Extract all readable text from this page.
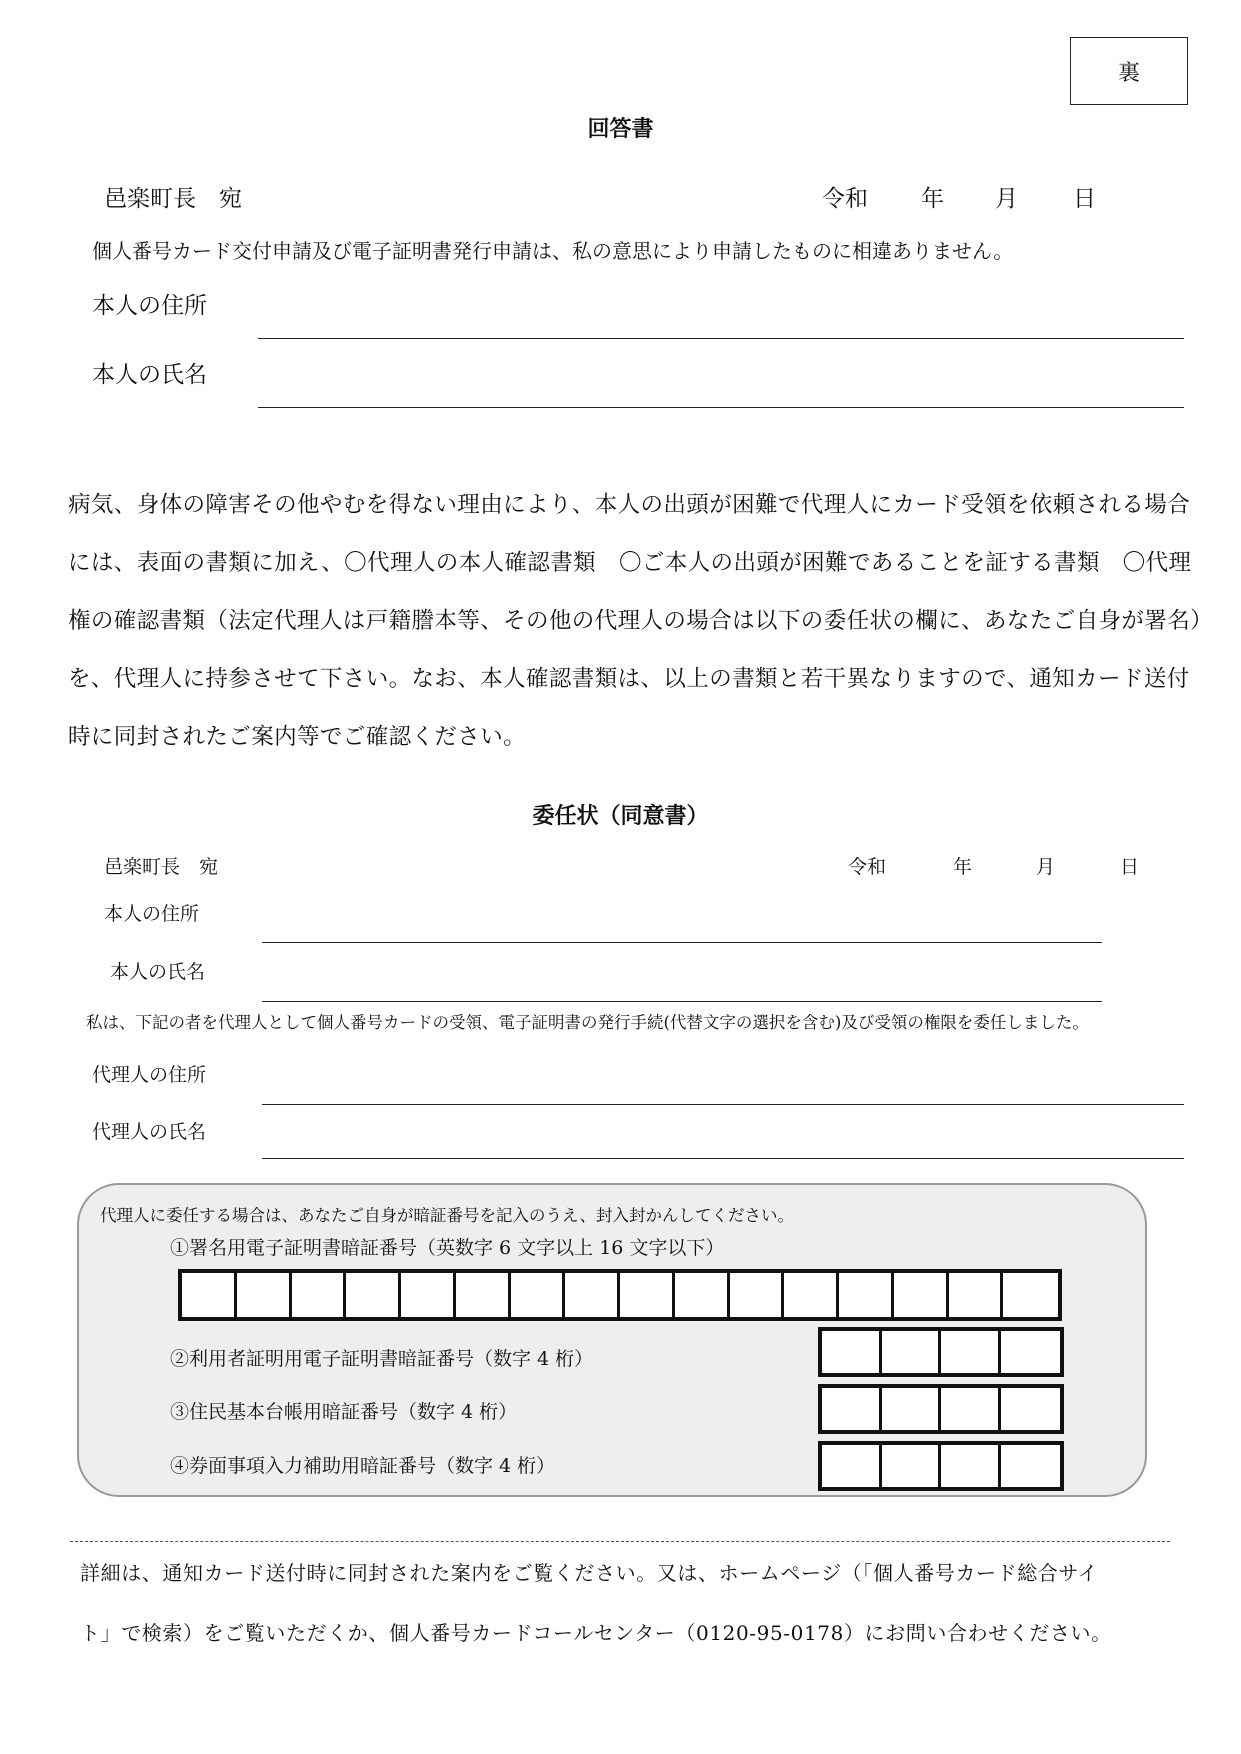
裏
回答書
邑楽町長　宛	令和 年 月 日
個人番号カード交付申請及び電子証明書発行申請は、私の意思により申請したものに相違ありません。
本人の住所
本人の氏名
病気、身体の障害その他やむを得ない理由により、本人の出頭が困難で代理人にカード受領を依頼される場合
には、表面の書類に加え、〇代理人の本人確認書類　〇ご本人の出頭が困難であることを証する書類　〇代理
権の確認書類（法定代理人は戸籍謄本等、その他の代理人の場合は以下の委任状の欄に、あなたご自身が署名）
を、代理人に持参させて下さい。なお、本人確認書類は、以上の書類と若干異なりますので、通知カード送付
時に同封されたご案内等でご確認ください。
委任状（同意書）
邑楽町長　宛	令和	年	月	日
本人の住所
本人の氏名
私は、下記の者を代理人として個人番号カードの受領、電子証明書の発行手続(代替文字の選択を含む)及び受領の権限を委任しました。
代理人の住所
代理人の氏名
代理人に委任する場合は、あなたご自身が暗証番号を記入のうえ、封入封かんしてください。
①署名用電子証明書暗証番号（英数字 6 文字以上 16 文字以下）
②利用者証明用電子証明書暗証番号（数字 4 桁）
③住民基本台帳用暗証番号（数字 4 桁）
④券面事項入力補助用暗証番号（数字 4 桁）
詳細は、通知カード送付時に同封された案内をご覧ください。又は、ホームページ（「個人番号カード総合サイ
ト」で検索）をご覧いただくか、個人番号カードコールセンター（0120-95-0178）にお問い合わせください。
